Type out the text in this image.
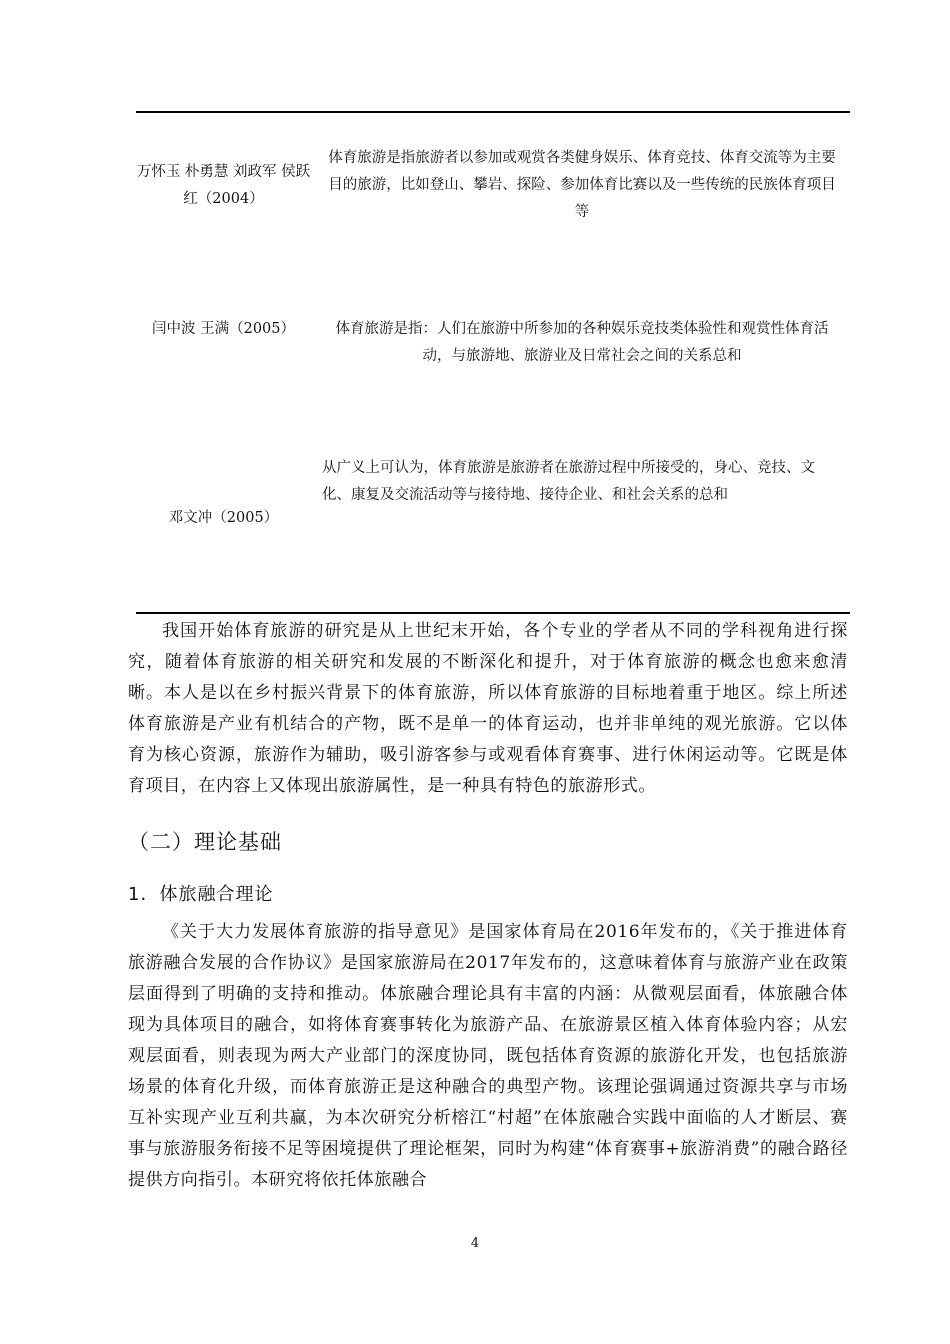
万怀玉 朴勇慧 刘政军 侯跃红（2004）
体育旅游是指旅游者以参加或观赏各类健身娱乐、体育竞技、体育交流等为主要目的旅游，比如登山、攀岩、探险、参加体育比赛以及一些传统的民族体育项目等
闫中波 王满（2005）	体育旅游是指：人们在旅游中所参加的各种娱乐竞技类体验性和观赏性体育活动，与旅游地、旅游业及日常社会之间的关系总和
邓文冲（2005）
从广义上可认为，体育旅游是旅游者在旅游过程中所接受的，身心、竞技、文化、康复及交流活动等与接待地、接待企业、和社会关系的总和

我国开始体育旅游的研究是从上世纪末开始，各个专业的学者从不同的学科视角进行探究，随着体育旅游的相关研究和发展的不断深化和提升，对于体育旅游的概念也愈来愈清晰。本人是以在乡村振兴背景下的体育旅游，所以体育旅游的目标地着重于地区。综上所述体育旅游是产业有机结合的产物，既不是单一的体育运动，也并非单纯的观光旅游。它以体育为核心资源，旅游作为辅助，吸引游客参与或观看体育赛事、进行休闲运动等。它既是体育项目，在内容上又体现出旅游属性，是一种具有特色的旅游形式。

（二）理论基础
1．体旅融合理论

《关于大力发展体育旅游的指导意见》是国家体育局在2016年发布的，《关于推进体育旅游融合发展的合作协议》是国家旅游局在2017年发布的，这意味着体育与旅游产业在政策层面得到了明确的支持和推动。体旅融合理论具有丰富的内涵：从微观层面看，体旅融合体现为具体项目的融合，如将体育赛事转化为旅游产品、在旅游景区植入体育体验内容；从宏观层面看，则表现为两大产业部门的深度协同，既包括体育资源的旅游化开发，也包括旅游场景的体育化升级，而体育旅游正是这种融合的典型产物。该理论强调通过资源共享与市场互补实现产业互利共赢，为本次研究分析榕江“村超”在体旅融合实践中面临的人才断层、赛事与旅游服务衔接不足等困境提供了理论框架，同时为构建“体育赛事+旅游消费”的融合路径提供方向指引。本研究将依托体旅融合

4
